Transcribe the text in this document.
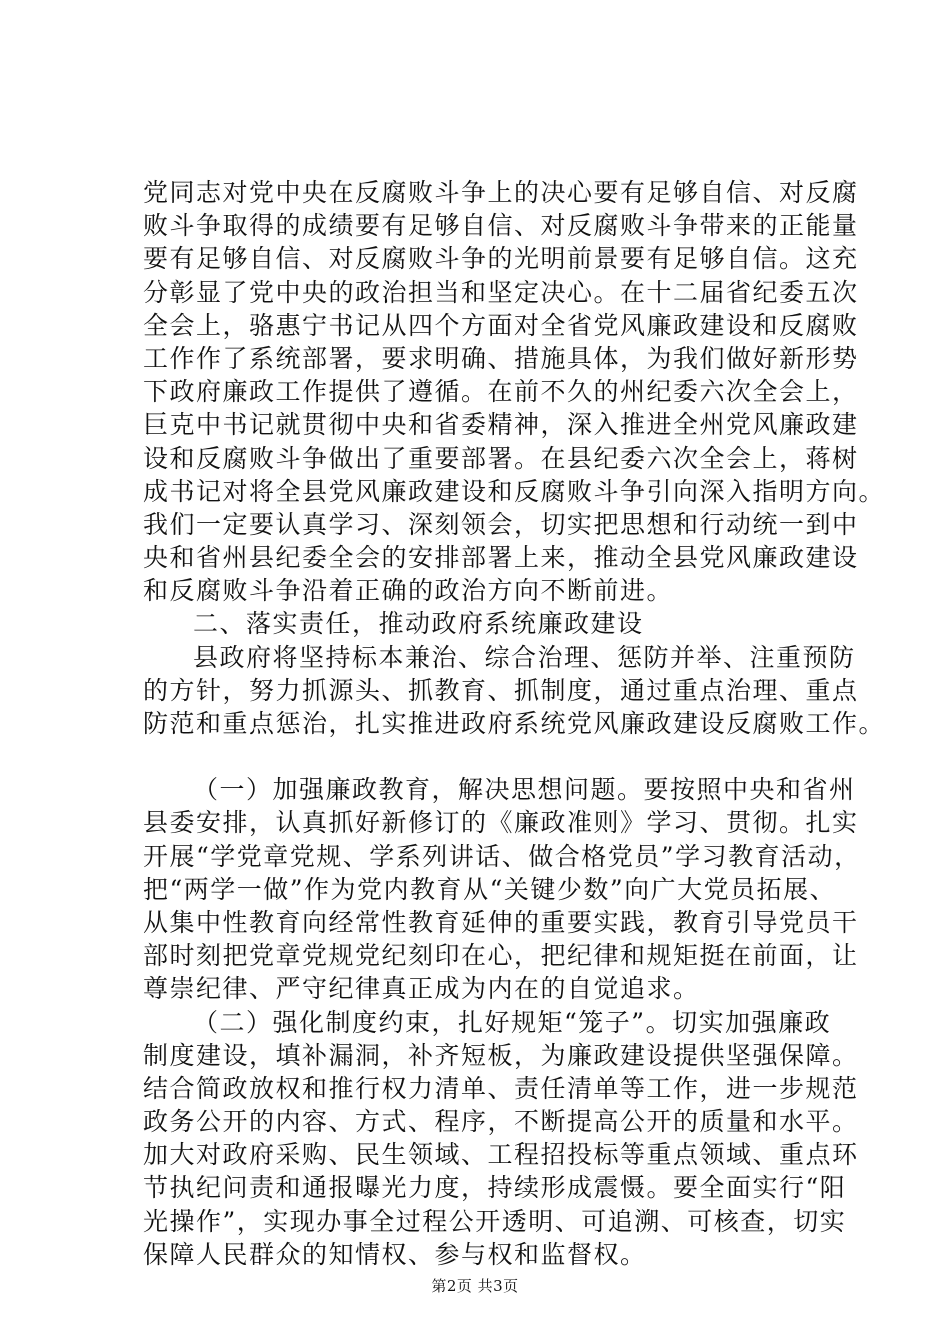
党同志对党中央在反腐败斗争上的决心要有足够自信、对反腐
败斗争取得的成绩要有足够自信、对反腐败斗争带来的正能量
要有足够自信、对反腐败斗争的光明前景要有足够自信。这充
分彰显了党中央的政治担当和坚定决心。在十二届省纪委五次
全会上，骆惠宁书记从四个方面对全省党风廉政建设和反腐败
工作作了系统部署，要求明确、措施具体，为我们做好新形势
下政府廉政工作提供了遵循。在前不久的州纪委六次全会上，
巨克中书记就贯彻中央和省委精神，深入推进全州党风廉政建
设和反腐败斗争做出了重要部署。在县纪委六次全会上，蒋树
成书记对将全县党风廉政建设和反腐败斗争引向深入指明方向。
我们一定要认真学习、深刻领会，切实把思想和行动统一到中
央和省州县纪委全会的安排部署上来，推动全县党风廉政建设
和反腐败斗争沿着正确的政治方向不断前进。
二、落实责任，推动政府系统廉政建设
县政府将坚持标本兼治、综合治理、惩防并举、注重预防
的方针，努力抓源头、抓教育、抓制度，通过重点治理、重点
防范和重点惩治，扎实推进政府系统党风廉政建设反腐败工作。
（一）加强廉政教育，解决思想问题。要按照中央和省州
县委安排，认真抓好新修订的《廉政准则》学习、贯彻。扎实
开展“学党章党规、学系列讲话、做合格党员”学习教育活动，
把“两学一做”作为党内教育从“关键少数”向广大党员拓展、
从集中性教育向经常性教育延伸的重要实践，教育引导党员干
部时刻把党章党规党纪刻印在心，把纪律和规矩挺在前面，让
尊崇纪律、严守纪律真正成为内在的自觉追求。
（二）强化制度约束，扎好规矩“笼子”。切实加强廉政
制度建设，填补漏洞，补齐短板，为廉政建设提供坚强保障。
结合简政放权和推行权力清单、责任清单等工作，进一步规范
政务公开的内容、方式、程序，不断提高公开的质量和水平。
加大对政府采购、民生领域、工程招投标等重点领域、重点环
节执纪问责和通报曝光力度，持续形成震慑。要全面实行“阳
光操作”，实现办事全过程公开透明、可追溯、可核查，切实
保障人民群众的知情权、参与权和监督权。
第2页 共3页
